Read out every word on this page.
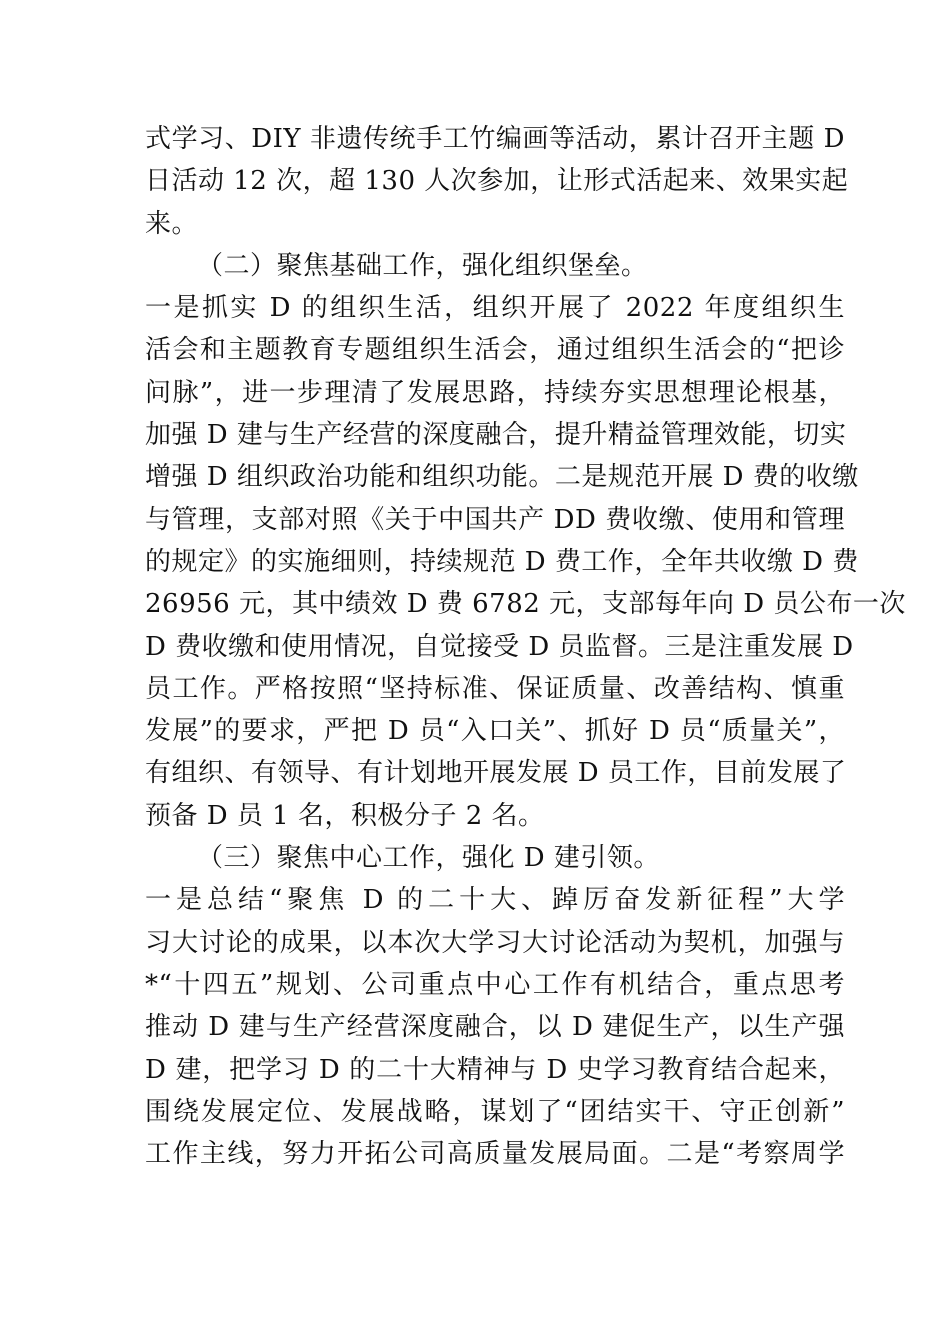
式学习、DIY 非遗传统手工竹编画等活动，累计召开主题 D
日活动 12 次，超 130 人次参加，让形式活起来、效果实起
来。
（二）聚焦基础工作，强化组织堡垒。
一是抓实 D 的组织生活，组织开展了 2022 年度组织生
活会和主题教育专题组织生活会，通过组织生活会的“把诊
问脉”，进一步理清了发展思路，持续夯实思想理论根基，
加强 D 建与生产经营的深度融合，提升精益管理效能，切实
增强 D 组织政治功能和组织功能。二是规范开展 D 费的收缴
与管理，支部对照《关于中国共产 DD 费收缴、使用和管理
的规定》的实施细则，持续规范 D 费工作，全年共收缴 D 费
26956 元，其中绩效 D 费 6782 元，支部每年向 D 员公布一次
D 费收缴和使用情况，自觉接受 D 员监督。三是注重发展 D
员工作。严格按照“坚持标准、保证质量、改善结构、慎重
发展”的要求，严把 D 员“入口关”、抓好 D 员“质量关”，
有组织、有领导、有计划地开展发展 D 员工作，目前发展了
预备 D 员 1 名，积极分子 2 名。
（三）聚焦中心工作，强化 D 建引领。
一是总结“聚焦 D 的二十大、踔厉奋发新征程”大学
习大讨论的成果，以本次大学习大讨论活动为契机，加强与
*“十四五”规划、公司重点中心工作有机结合，重点思考
推动 D 建与生产经营深度融合，以 D 建促生产，以生产强
D 建，把学习 D 的二十大精神与 D 史学习教育结合起来，
围绕发展定位、发展战略，谋划了“团结实干、守正创新”
工作主线，努力开拓公司高质量发展局面。二是“考察周学
